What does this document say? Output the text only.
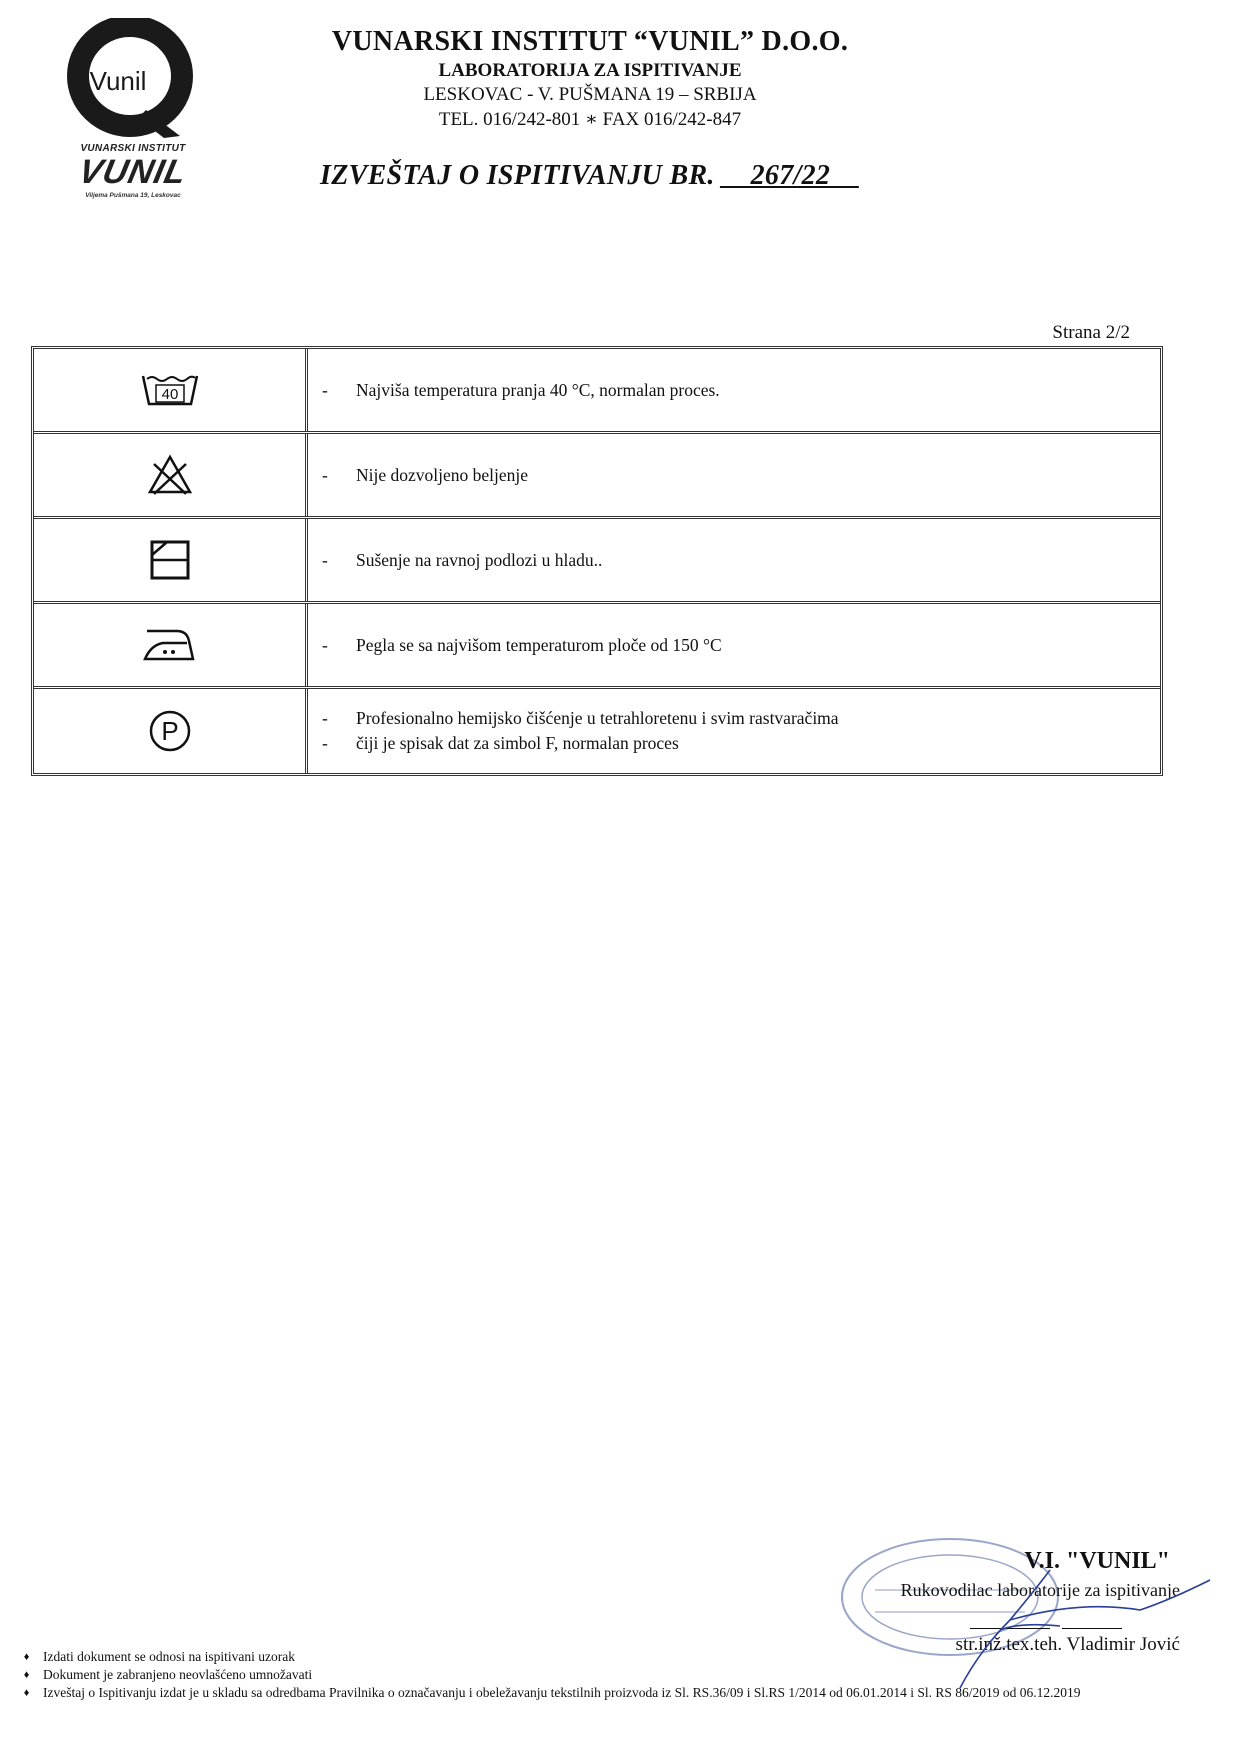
Vunil
VUNARSKI INSTITUT
VUNIL
Viljema Pušmana 19, Leskovac
VUNARSKI INSTITUT “VUNIL” D.O.O.
LABORATORIJA ZA ISPITIVANJE
LESKOVAC - V. PUŠMANA 19 – SRBIJA
TEL. 016/242-801 ∗ FAX 016/242-847
IZVEŠTAJ O ISPITIVANJU BR. __267/22__
Strana 2/2
40	-	Najviša temperatura pranja 40 °C, normalan proces.
-	Nije dozvoljeno beljenje
-	Sušenje na ravnoj podlozi u hladu..
-	Pegla se sa najvišom temperaturom ploče od 150 °C
P	-	Profesionalno hemijsko čišćenje u tetrahloretenu i svim rastvaračima
-	čiji je spisak dat za simbol F, normalan proces
V.I. "VUNIL"
Rukovodilac laboratorije za ispitivanje
str.inž.tex.teh. Vladimir Jović
♦	Izdati dokument se odnosi na ispitivani uzorak
♦	Dokument je zabranjeno neovlašćeno umnožavati
♦	Izveštaj o Ispitivanju izdat je u skladu sa odredbama Pravilnika o označavanju i obeležavanju tekstilnih proizvoda iz Sl. RS.36/09 i Sl.RS 1/2014 od 06.01.2014 i Sl. RS 86/2019 od 06.12.2019
